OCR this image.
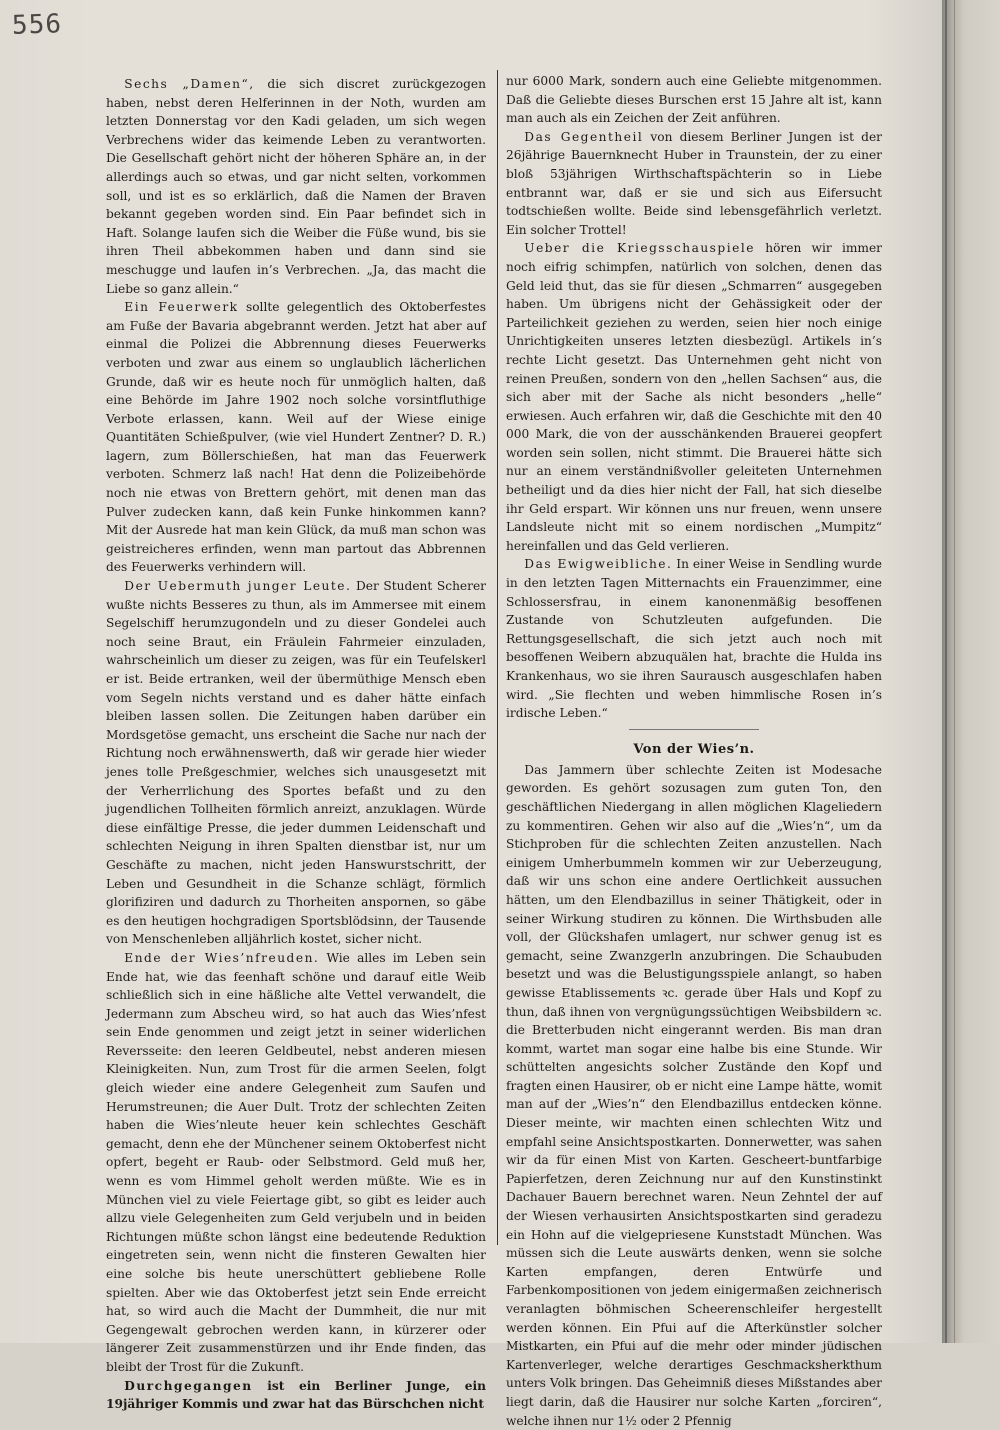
556

Sechs „Damen“, die sich discret zurückgezogen haben, nebst deren Helferinnen in der Noth, wurden am letzten Donnerstag vor den Kadi geladen, um sich wegen Verbrechens wider das keimende Leben zu verantworten. Die Gesellschaft gehört nicht der höheren Sphäre an, in der allerdings auch so etwas, und gar nicht selten, vorkommen soll, und ist es so erklärlich, daß die Namen der Braven bekannt gegeben worden sind. Ein Paar befindet sich in Haft. Solange laufen sich die Weiber die Füße wund, bis sie ihren Theil abbekommen haben und dann sind sie meschugge und laufen in’s Verbrechen. „Ja, das macht die Liebe so ganz allein.“

Ein Feuerwerk sollte gelegentlich des Oktoberfestes am Fuße der Bavaria abgebrannt werden. Jetzt hat aber auf einmal die Polizei die Abbrennung dieses Feuerwerks verboten und zwar aus einem so unglaublich lächerlichen Grunde, daß wir es heute noch für unmöglich halten, daß eine Behörde im Jahre 1902 noch solche vorsintfluthige Verbote erlassen, kann. Weil auf der Wiese einige Quantitäten Schießpulver, (wie viel Hundert Zentner? D. R.) lagern, zum Böllerschießen, hat man das Feuerwerk verboten. Schmerz laß nach! Hat denn die Polizeibehörde noch nie etwas von Brettern gehört, mit denen man das Pulver zudecken kann, daß kein Funke hinkommen kann? Mit der Ausrede hat man kein Glück, da muß man schon was geistreicheres erfinden, wenn man partout das Abbrennen des Feuerwerks verhindern will.

Der Uebermuth junger Leute. Der Student Scherer wußte nichts Besseres zu thun, als im Ammersee mit einem Segelschiff herumzugondeln und zu dieser Gondelei auch noch seine Braut, ein Fräulein Fahrmeier einzuladen, wahrscheinlich um dieser zu zeigen, was für ein Teufelskerl er ist. Beide ertranken, weil der übermüthige Mensch eben vom Segeln nichts verstand und es daher hätte einfach bleiben lassen sollen. Die Zeitungen haben darüber ein Mordsgetöse gemacht, uns erscheint die Sache nur nach der Richtung noch erwähnenswerth, daß wir gerade hier wieder jenes tolle Preßgeschmier, welches sich unausgesetzt mit der Verherrlichung des Sportes befaßt und zu den jugendlichen Tollheiten förmlich anreizt, anzuklagen. Würde diese einfältige Presse, die jeder dummen Leidenschaft und schlechten Neigung in ihren Spalten dienstbar ist, nur um Geschäfte zu machen, nicht jeden Hanswurstschritt, der Leben und Gesundheit in die Schanze schlägt, förmlich glorifiziren und dadurch zu Thorheiten anspornen, so gäbe es den heutigen hochgradigen Sportsblödsinn, der Tausende von Menschenleben alljährlich kostet, sicher nicht.

Ende der Wies’nfreuden. Wie alles im Leben sein Ende hat, wie das feenhaft schöne und darauf eitle Weib schließlich sich in eine häßliche alte Vettel verwandelt, die Jedermann zum Abscheu wird, so hat auch das Wies’nfest sein Ende genommen und zeigt jetzt in seiner widerlichen Reversseite: den leeren Geldbeutel, nebst anderen miesen Kleinigkeiten. Nun, zum Trost für die armen Seelen, folgt gleich wieder eine andere Gelegenheit zum Saufen und Herumstreunen; die Auer Dult. Trotz der schlechten Zeiten haben die Wies’nleute heuer kein schlechtes Geschäft gemacht, denn ehe der Münchener seinem Oktoberfest nicht opfert, begeht er Raub- oder Selbstmord. Geld muß her, wenn es vom Himmel geholt werden müßte. Wie es in München viel zu viele Feiertage gibt, so gibt es leider auch allzu viele Gelegenheiten zum Geld verjubeln und in beiden Richtungen müßte schon längst eine bedeutende Reduktion eingetreten sein, wenn nicht die finsteren Gewalten hier eine solche bis heute unerschüttert gebliebene Rolle spielten. Aber wie das Oktoberfest jetzt sein Ende erreicht hat, so wird auch die Macht der Dummheit, die nur mit Gegengewalt gebrochen werden kann, in kürzerer oder längerer Zeit zusammenstürzen und ihr Ende finden, das bleibt der Trost für die Zukunft.

Durchgegangen ist ein Berliner Junge, ein 19jähriger Kommis und zwar hat das Bürschchen nicht

nur 6000 Mark, sondern auch eine Geliebte mitgenommen. Daß die Geliebte dieses Burschen erst 15 Jahre alt ist, kann man auch als ein Zeichen der Zeit anführen.

Das Gegentheil von diesem Berliner Jungen ist der 26jährige Bauernknecht Huber in Traunstein, der zu einer bloß 53jährigen Wirthschaftspächterin so in Liebe entbrannt war, daß er sie und sich aus Eifersucht todtschießen wollte. Beide sind lebensgefährlich verletzt. Ein solcher Trottel!

Ueber die Kriegsschauspiele hören wir immer noch eifrig schimpfen, natürlich von solchen, denen das Geld leid thut, das sie für diesen „Schmarren“ ausgegeben haben. Um übrigens nicht der Gehässigkeit oder der Parteilichkeit geziehen zu werden, seien hier noch einige Unrichtigkeiten unseres letzten diesbezügl. Artikels in’s rechte Licht gesetzt. Das Unternehmen geht nicht von reinen Preußen, sondern von den „hellen Sachsen“ aus, die sich aber mit der Sache als nicht besonders „helle“ erwiesen. Auch erfahren wir, daß die Geschichte mit den 40 000 Mark, die von der ausschänkenden Brauerei geopfert worden sein sollen, nicht stimmt. Die Brauerei hätte sich nur an einem verständnißvoller geleiteten Unternehmen betheiligt und da dies hier nicht der Fall, hat sich dieselbe ihr Geld erspart. Wir können uns nur freuen, wenn unsere Landsleute nicht mit so einem nordischen „Mumpitz“ hereinfallen und das Geld verlieren.

Das Ewigweibliche. In einer Weise in Sendling wurde in den letzten Tagen Mitternachts ein Frauenzimmer, eine Schlossersfrau, in einem kanonenmäßig besoffenen Zustande von Schutzleuten aufgefunden. Die Rettungsgesellschaft, die sich jetzt auch noch mit besoffenen Weibern abzuquälen hat, brachte die Hulda ins Krankenhaus, wo sie ihren Saurausch ausgeschlafen haben wird. „Sie flechten und weben himmlische Rosen in’s irdische Leben.“

Von der Wies’n.

Das Jammern über schlechte Zeiten ist Modesache geworden. Es gehört sozusagen zum guten Ton, den geschäftlichen Niedergang in allen möglichen Klageliedern zu kommentiren. Gehen wir also auf die „Wies’n“, um da Stichproben für die schlechten Zeiten anzustellen. Nach einigem Umherbummeln kommen wir zur Ueberzeugung, daß wir uns schon eine andere Oertlichkeit aussuchen hätten, um den Elendbazillus in seiner Thätigkeit, oder in seiner Wirkung studiren zu können. Die Wirthsbuden alle voll, der Glückshafen umlagert, nur schwer genug ist es gemacht, seine Zwanzgerln anzubringen. Die Schaubuden besetzt und was die Belustigungsspiele anlangt, so haben gewisse Etablissements ꝛc. gerade über Hals und Kopf zu thun, daß ihnen von vergnügungssüchtigen Weibsbildern ꝛc. die Bretterbuden nicht eingerannt werden. Bis man dran kommt, wartet man sogar eine halbe bis eine Stunde. Wir schüttelten angesichts solcher Zustände den Kopf und fragten einen Hausirer, ob er nicht eine Lampe hätte, womit man auf der „Wies’n“ den Elendbazillus entdecken könne. Dieser meinte, wir machten einen schlechten Witz und empfahl seine Ansichtspostkarten. Donnerwetter, was sahen wir da für einen Mist von Karten. Gescheert-buntfarbige Papierfetzen, deren Zeichnung nur auf den Kunstinstinkt Dachauer Bauern berechnet waren. Neun Zehntel der auf der Wiesen verhausirten Ansichtspostkarten sind geradezu ein Hohn auf die vielgepriesene Kunststadt München. Was müssen sich die Leute auswärts denken, wenn sie solche Karten empfangen, deren Entwürfe und Farbenkompositionen von jedem einigermaßen zeichnerisch veranlagten böhmischen Scheerenschleifer hergestellt werden können. Ein Pfui auf die Afterkünstler solcher Mistkarten, ein Pfui auf die mehr oder minder jüdischen Kartenverleger, welche derartiges Geschmacksherkthum unters Volk bringen. Das Geheimniß dieses Mißstandes aber liegt darin, daß die Hausirer nur solche Karten „forciren“, welche ihnen nur 1½ oder 2 Pfennig
